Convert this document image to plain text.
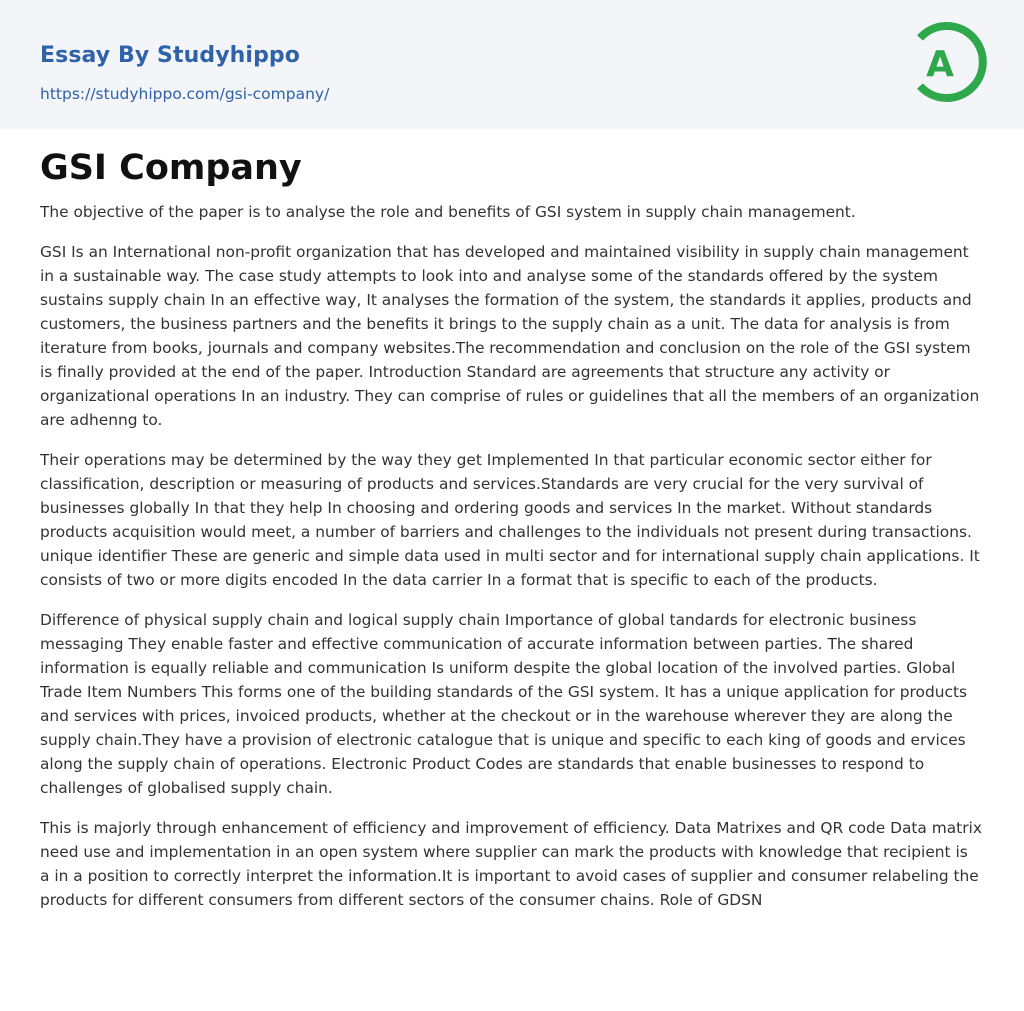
Essay By Studyhippo
https://studyhippo.com/gsi-company/
A
GSI Company

The objective of the paper is to analyse the role and benefits of GSI system in supply chain management.

GSI Is an International non-profit organization that has developed and maintained visibility in supply chain management in a sustainable way. The case study attempts to look into and analyse some of the standards offered by the system sustains supply chain In an effective way, It analyses the formation of the system, the standards it applies, products and customers, the business partners and the benefits it brings to the supply chain as a unit. The data for analysis is from iterature from books, journals and company websites.The recommendation and conclusion on the role of the GSI system is finally provided at the end of the paper. Introduction Standard are agreements that structure any activity or organizational operations In an industry. They can comprise of rules or guidelines that all the members of an organization are adhenng to.

Their operations may be determined by the way they get Implemented In that particular economic sector either for classification, description or measuring of products and services.Standards are very crucial for the very survival of businesses globally In that they help In choosing and ordering goods and services In the market. Without standards products acquisition would meet, a number of barriers and challenges to the individuals not present during transactions. unique identifier These are generic and simple data used in multi sector and for international supply chain applications. It consists of two or more digits encoded In the data carrier In a format that is specific to each of the products.

Difference of physical supply chain and logical supply chain Importance of global tandards for electronic business messaging They enable faster and effective communication of accurate information between parties. The shared information is equally reliable and communication Is uniform despite the global location of the involved parties. Global Trade Item Numbers This forms one of the building standards of the GSI system. It has a unique application for products and services with prices, invoiced products, whether at the checkout or in the warehouse wherever they are along the supply chain.They have a provision of electronic catalogue that is unique and specific to each king of goods and ervices along the supply chain of operations. Electronic Product Codes are standards that enable businesses to respond to challenges of globalised supply chain.

This is majorly through enhancement of efficiency and improvement of efficiency. Data Matrixes and QR code Data matrix need use and implementation in an open system where supplier can mark the products with knowledge that recipient is a in a position to correctly interpret the information.It is important to avoid cases of supplier and consumer relabeling the products for different consumers from different sectors of the consumer chains. Role of GDSN
